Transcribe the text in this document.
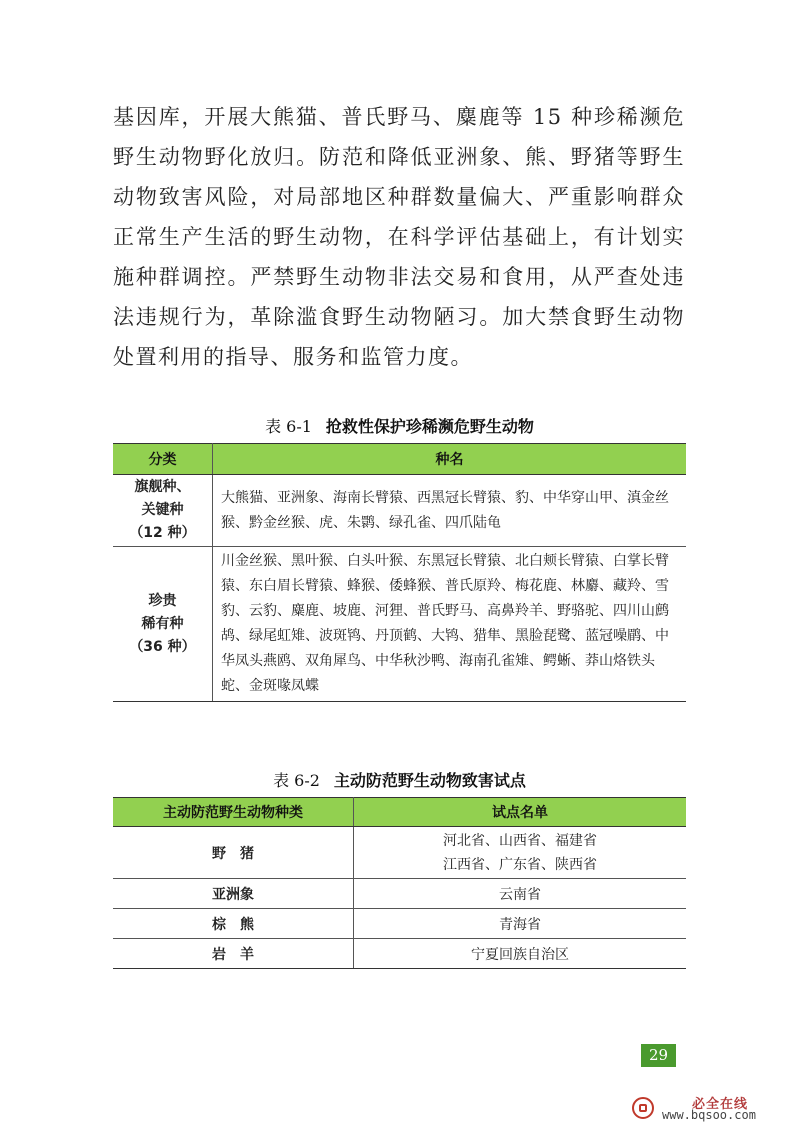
基因库，开展大熊猫、普氏野马、麋鹿等 15 种珍稀濒危野生动物野化放归。防范和降低亚洲象、熊、野猪等野生动物致害风险，对局部地区种群数量偏大、严重影响群众正常生产生活的野生动物，在科学评估基础上，有计划实施种群调控。严禁野生动物非法交易和食用，从严查处违法违规行为，革除滥食野生动物陋习。加大禁食野生动物处置利用的指导、服务和监管力度。

表 6-1 抢救性保护珍稀濒危野生动物
分类	种名

旗舰种、
关键种
（12 种）	大熊猫、亚洲象、海南长臂猿、西黑冠长臂猿、豹、中华穿山甲、滇金丝猴、黔金丝猴、虎、朱鹮、绿孔雀、四爪陆龟

珍贵
稀有种
（36 种）	川金丝猴、黑叶猴、白头叶猴、东黑冠长臂猿、北白颊长臂猿、白掌长臂猿、东白眉长臂猿、蜂猴、倭蜂猴、普氏原羚、梅花鹿、林麝、藏羚、雪豹、云豹、麋鹿、坡鹿、河狸、普氏野马、高鼻羚羊、野骆驼、四川山鹧鸪、绿尾虹雉、波斑鸨、丹顶鹤、大鸨、猎隼、黑脸琵鹭、蓝冠噪鹛、中华凤头燕鸥、双角犀鸟、中华秋沙鸭、海南孔雀雉、鳄蜥、莽山烙铁头蛇、金斑喙凤蝶
表 6-2 主动防范野生动物致害试点
主动防范野生动物种类	试点名单
野　猪	河北省、山西省、福建省
江西省、广东省、陕西省

亚洲象	云南省
棕　熊	青海省
岩　羊	宁夏回族自治区
29
必全在线
www.bqsoo.com
